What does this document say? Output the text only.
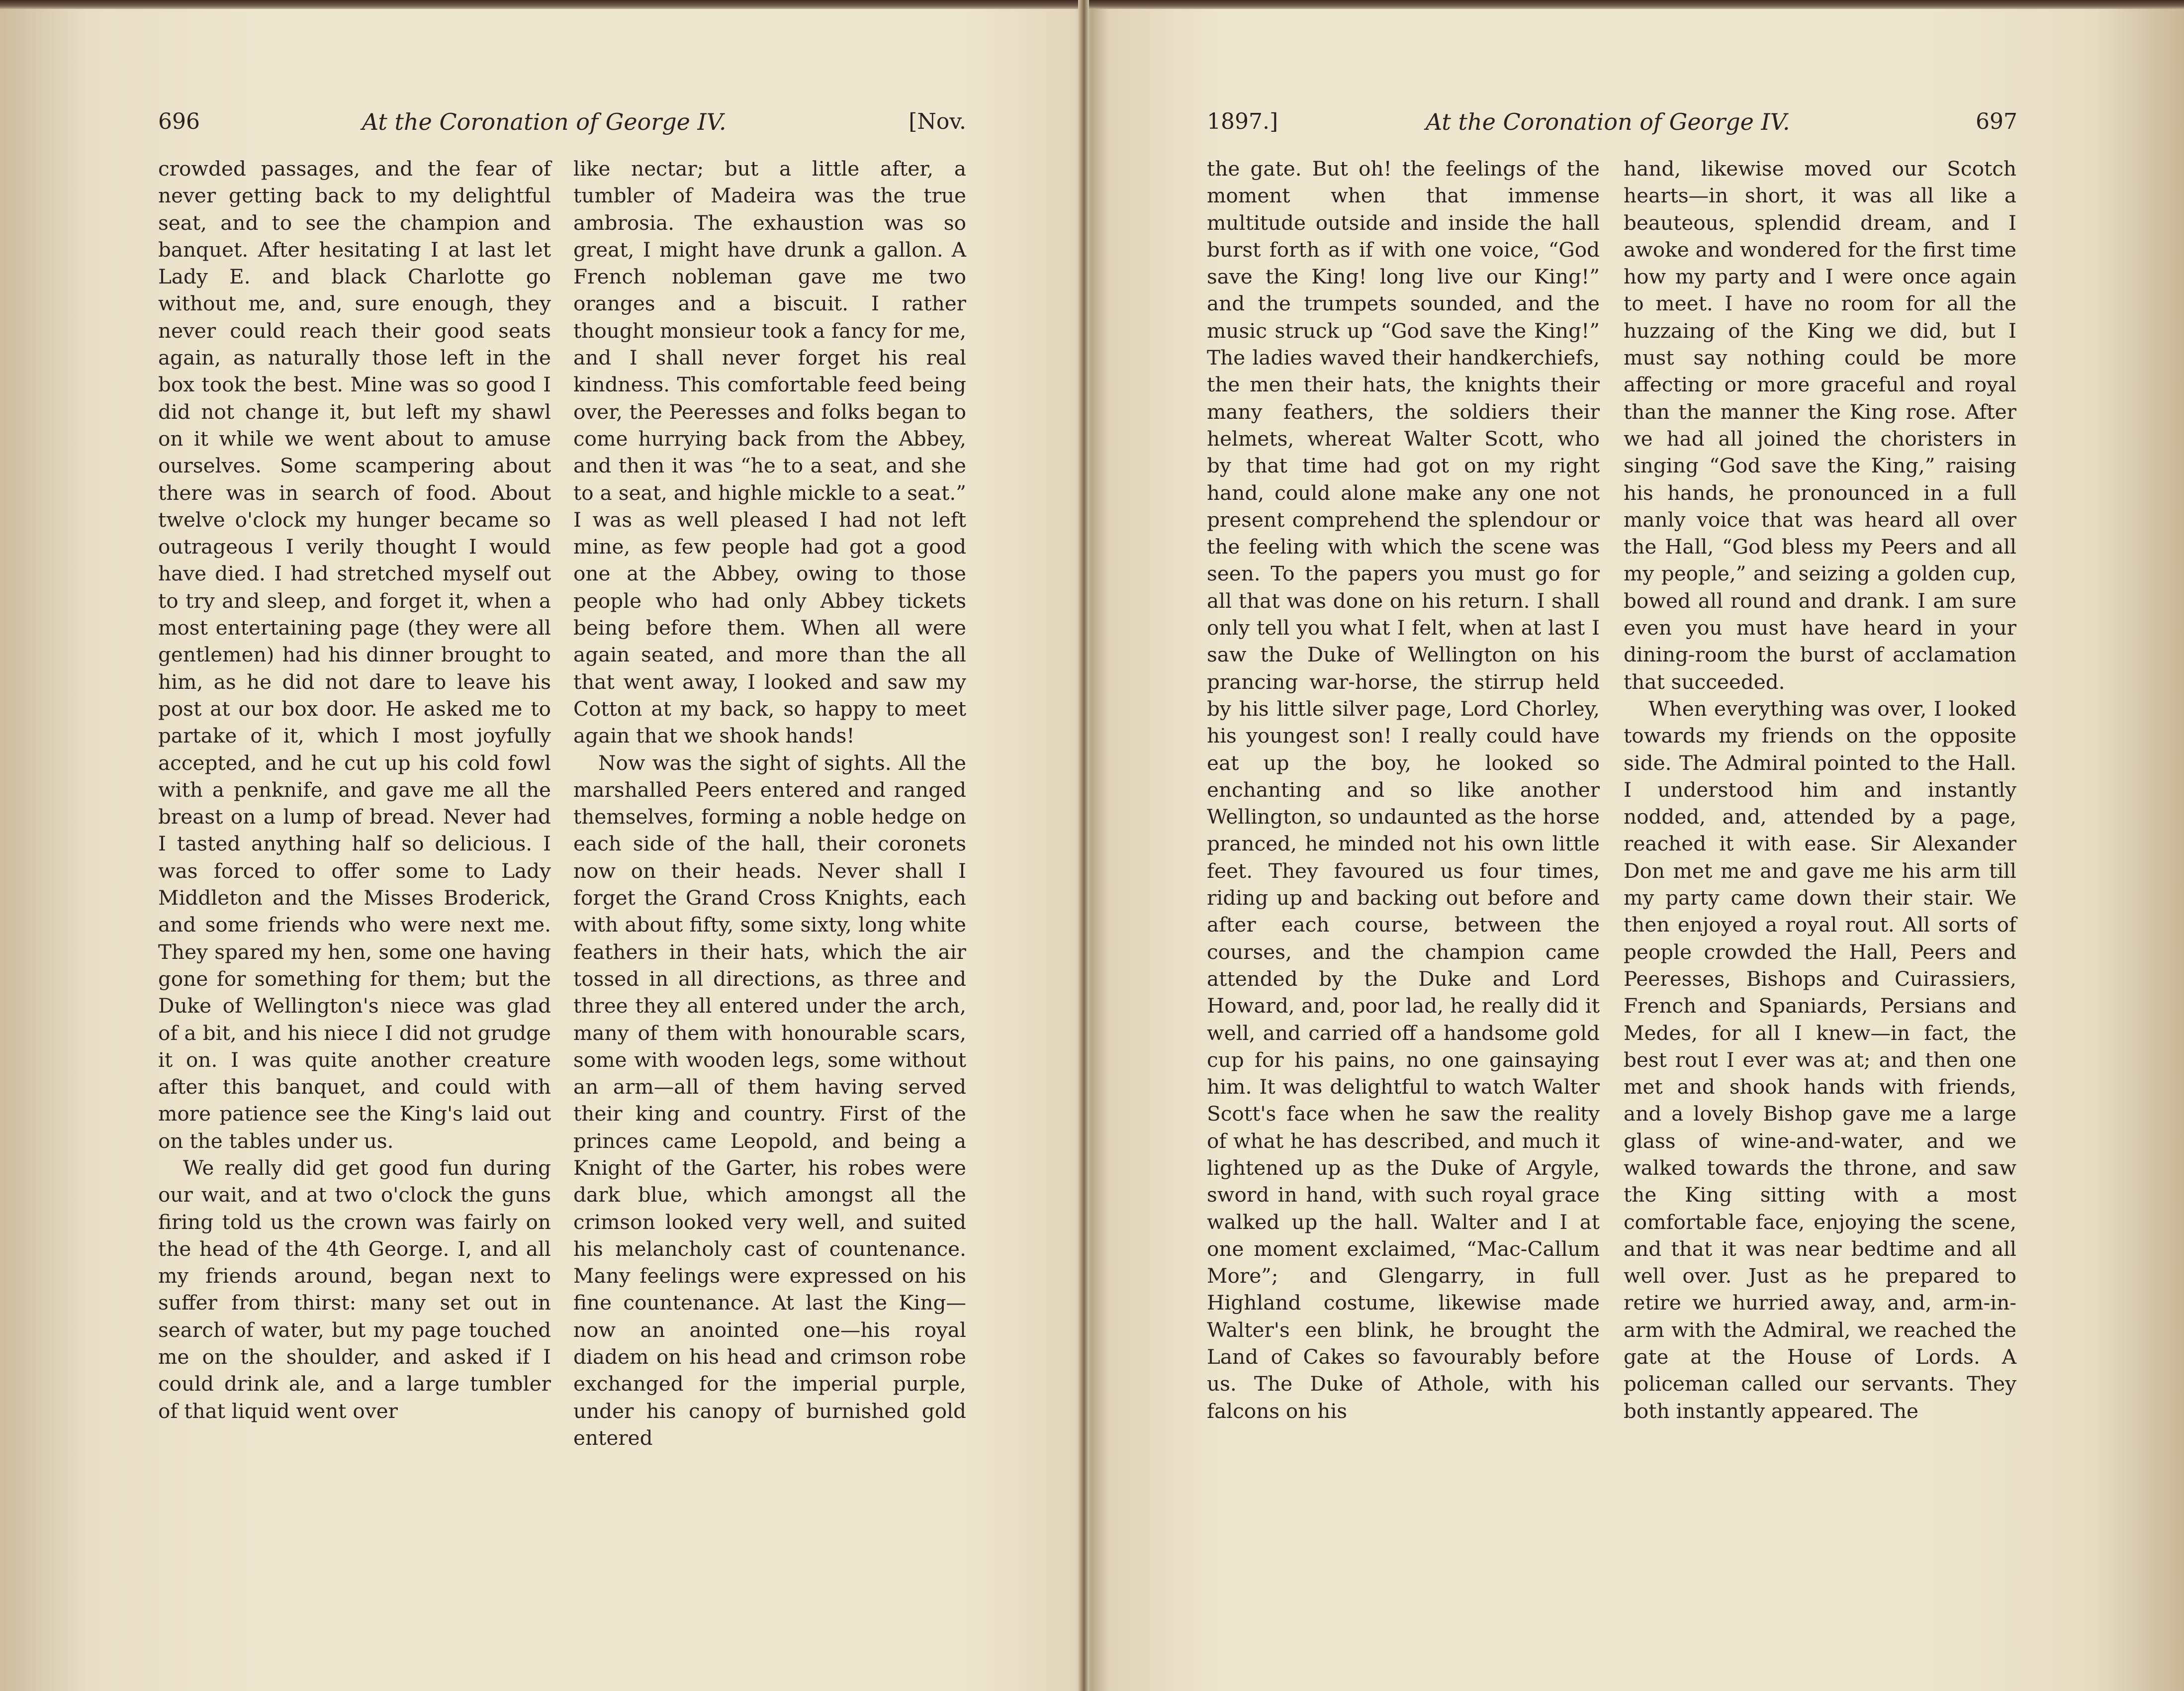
696	At the Coronation of George IV.	[Nov.

crowded passages, and the fear of never getting back to my delightful seat, and to see the champion and banquet. After hesitating I at last let Lady E. and black Charlotte go without me, and, sure enough, they never could reach their good seats again, as naturally those left in the box took the best. Mine was so good I did not change it, but left my shawl on it while we went about to amuse ourselves. Some scampering about there was in search of food. About twelve o'clock my hunger became so outrageous I verily thought I would have died. I had stretched myself out to try and sleep, and forget it, when a most entertaining page (they were all gentlemen) had his dinner brought to him, as he did not dare to leave his post at our box door. He asked me to partake of it, which I most joyfully accepted, and he cut up his cold fowl with a penknife, and gave me all the breast on a lump of bread. Never had I tasted anything half so delicious. I was forced to offer some to Lady Middleton and the Misses Broderick, and some friends who were next me. They spared my hen, some one having gone for something for them; but the Duke of Wellington's niece was glad of a bit, and his niece I did not grudge it on. I was quite another creature after this banquet, and could with more patience see the King's laid out on the tables under us.

We really did get good fun during our wait, and at two o'clock the guns firing told us the crown was fairly on the head of the 4th George. I, and all my friends around, began next to suffer from thirst: many set out in search of water, but my page touched me on the shoulder, and asked if I could drink ale, and a large tumbler of that liquid went over

like nectar; but a little after, a tumbler of Madeira was the true ambrosia. The exhaustion was so great, I might have drunk a gallon. A French nobleman gave me two oranges and a biscuit. I rather thought monsieur took a fancy for me, and I shall never forget his real kindness. This comfortable feed being over, the Peeresses and folks began to come hurrying back from the Abbey, and then it was “he to a seat, and she to a seat, and highle mickle to a seat.” I was as well pleased I had not left mine, as few people had got a good one at the Abbey, owing to those people who had only Abbey tickets being before them. When all were again seated, and more than the all that went away, I looked and saw my Cotton at my back, so happy to meet again that we shook hands!

Now was the sight of sights. All the marshalled Peers entered and ranged themselves, forming a noble hedge on each side of the hall, their coronets now on their heads. Never shall I forget the Grand Cross Knights, each with about fifty, some sixty, long white feathers in their hats, which the air tossed in all directions, as three and three they all entered under the arch, many of them with honourable scars, some with wooden legs, some without an arm—all of them having served their king and country. First of the princes came Leopold, and being a Knight of the Garter, his robes were dark blue, which amongst all the crimson looked very well, and suited his melancholy cast of countenance. Many feelings were expressed on his fine countenance. At last the King—now an anointed one—his royal diadem on his head and crimson robe exchanged for the imperial purple, under his canopy of burnished gold entered

1897.]	At the Coronation of George IV.	697

the gate. But oh! the feelings of the moment when that immense multitude outside and inside the hall burst forth as if with one voice, “God save the King! long live our King!” and the trumpets sounded, and the music struck up “God save the King!” The ladies waved their handkerchiefs, the men their hats, the knights their many feathers, the soldiers their helmets, whereat Walter Scott, who by that time had got on my right hand, could alone make any one not present comprehend the splendour or the feeling with which the scene was seen. To the papers you must go for all that was done on his return. I shall only tell you what I felt, when at last I saw the Duke of Wellington on his prancing war-horse, the stirrup held by his little silver page, Lord Chorley, his youngest son! I really could have eat up the boy, he looked so enchanting and so like another Wellington, so undaunted as the horse pranced, he minded not his own little feet. They favoured us four times, riding up and backing out before and after each course, between the courses, and the champion came attended by the Duke and Lord Howard, and, poor lad, he really did it well, and carried off a handsome gold cup for his pains, no one gainsaying him. It was delightful to watch Walter Scott's face when he saw the reality of what he has described, and much it lightened up as the Duke of Argyle, sword in hand, with such royal grace walked up the hall. Walter and I at one moment exclaimed, “Mac-Callum More”; and Glengarry, in full Highland costume, likewise made Walter's een blink, he brought the Land of Cakes so favourably before us. The Duke of Athole, with his falcons on his

hand, likewise moved our Scotch hearts—in short, it was all like a beauteous, splendid dream, and I awoke and wondered for the first time how my party and I were once again to meet. I have no room for all the huzzaing of the King we did, but I must say nothing could be more affecting or more graceful and royal than the manner the King rose. After we had all joined the choristers in singing “God save the King,” raising his hands, he pronounced in a full manly voice that was heard all over the Hall, “God bless my Peers and all my people,” and seizing a golden cup, bowed all round and drank. I am sure even you must have heard in your dining-room the burst of acclamation that succeeded.

When everything was over, I looked towards my friends on the opposite side. The Admiral pointed to the Hall. I understood him and instantly nodded, and, attended by a page, reached it with ease. Sir Alexander Don met me and gave me his arm till my party came down their stair. We then enjoyed a royal rout. All sorts of people crowded the Hall, Peers and Peeresses, Bishops and Cuirassiers, French and Spaniards, Persians and Medes, for all I knew—in fact, the best rout I ever was at; and then one met and shook hands with friends, and a lovely Bishop gave me a large glass of wine-and-water, and we walked towards the throne, and saw the King sitting with a most comfortable face, enjoying the scene, and that it was near bedtime and all well over. Just as he prepared to retire we hurried away, and, arm-in-arm with the Admiral, we reached the gate at the House of Lords. A policeman called our servants. They both instantly appeared. The
